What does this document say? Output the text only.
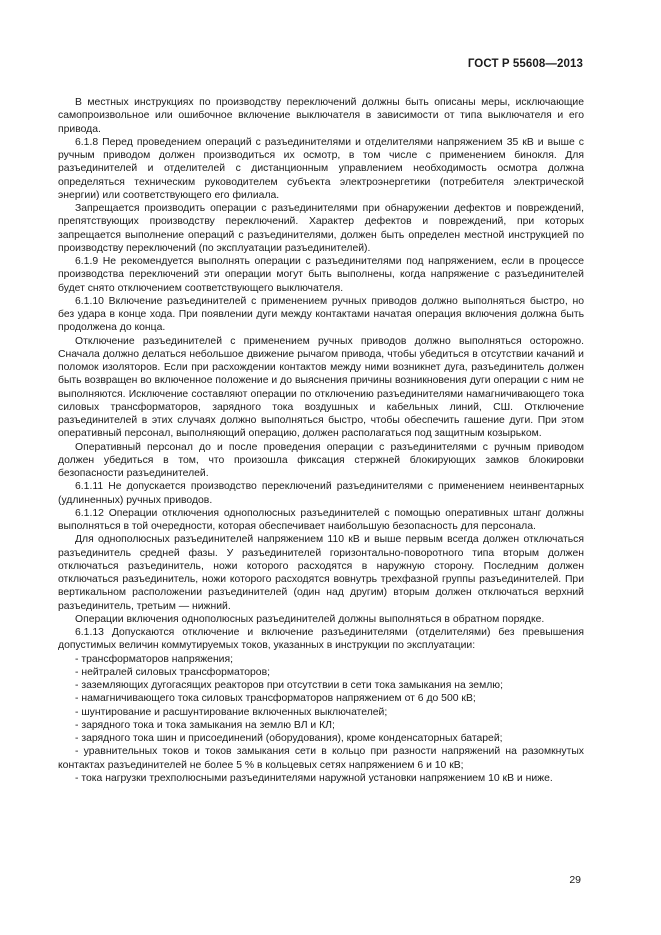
ГОСТ Р 55608—2013

В местных инструкциях по производству переключений должны быть описаны меры, исключающие самопроизвольное или ошибочное включение выключателя в зависимости от типа выключателя и его привода.

6.1.8 Перед проведением операций с разъединителями и отделителями напряжением 35 кВ и выше с ручным приводом должен производиться их осмотр, в том числе с применением бинокля. Для разъединителей и отделителей с дистанционным управлением необходимость осмотра должна определяться техническим руководителем субъекта электроэнергетики (потребителя электрической энергии) или соответствующего его филиала.

Запрещается производить операции с разъединителями при обнаружении дефектов и повреждений, препятствующих производству переключений. Характер дефектов и повреждений, при которых запрещается выполнение операций с разъединителями, должен быть определен местной инструкцией по производству переключений (по эксплуатации разъединителей).

6.1.9 Не рекомендуется выполнять операции с разъединителями под напряжением, если в процессе производства переключений эти операции могут быть выполнены, когда напряжение с разъединителей будет снято отключением соответствующего выключателя.

6.1.10 Включение разъединителей с применением ручных приводов должно выполняться быстро, но без удара в конце хода. При появлении дуги между контактами начатая операция включения должна быть продолжена до конца.

Отключение разъединителей с применением ручных приводов должно выполняться осторожно. Сначала должно делаться небольшое движение рычагом привода, чтобы убедиться в отсутствии качаний и поломок изоляторов. Если при расхождении контактов между ними возникнет дуга, разъединитель должен быть возвращен во включенное положение и до выяснения причины возникновения дуги операции с ним не выполняются. Исключение составляют операции по отключению разъединителями намагничивающего тока силовых трансформаторов, зарядного тока воздушных и кабельных линий, СШ. Отключение разъединителей в этих случаях должно выполняться быстро, чтобы обеспечить гашение дуги. При этом оперативный персонал, выполняющий операцию, должен располагаться под защитным козырьком.

Оперативный персонал до и после проведения операции с разъединителями с ручным приводом должен убедиться в том, что произошла фиксация стержней блокирующих замков блокировки безопасности разъединителей.

6.1.11 Не допускается производство переключений разъединителями с применением неинвентарных (удлиненных) ручных приводов.

6.1.12 Операции отключения однополюсных разъединителей с помощью оперативных штанг должны выполняться в той очередности, которая обеспечивает наибольшую безопасность для персонала.

Для однополюсных разъединителей напряжением 110 кВ и выше первым всегда должен отключаться разъединитель средней фазы. У разъединителей горизонтально-поворотного типа вторым должен отключаться разъединитель, ножи которого расходятся в наружную сторону. Последним должен отключаться разъединитель, ножи которого расходятся вовнутрь трехфазной группы разъединителей. При вертикальном расположении разъединителей (один над другим) вторым должен отключаться верхний разъединитель, третьим — нижний.

Операции включения однополюсных разъединителей должны выполняться в обратном порядке.

6.1.13 Допускаются отключение и включение разъединителями (отделителями) без превышения допустимых величин коммутируемых токов, указанных в инструкции по эксплуатации:

- трансформаторов напряжения;
- нейтралей силовых трансформаторов;
- заземляющих дугогасящих реакторов при отсутствии в сети тока замыкания на землю;
- намагничивающего тока силовых трансформаторов напряжением от 6 до 500 кВ;
- шунтирование и расшунтирование включенных выключателей;
- зарядного тока и тока замыкания на землю ВЛ и КЛ;
- зарядного тока шин и присоединений (оборудования), кроме конденсаторных батарей;
- уравнительных токов и токов замыкания сети в кольцо при разности напряжений на разомкнутых контактах разъединителей не более 5 % в кольцевых сетях напряжением 6 и 10 кВ;
- тока нагрузки трехполюсными разъединителями наружной установки напряжением 10 кВ и ниже.
29
